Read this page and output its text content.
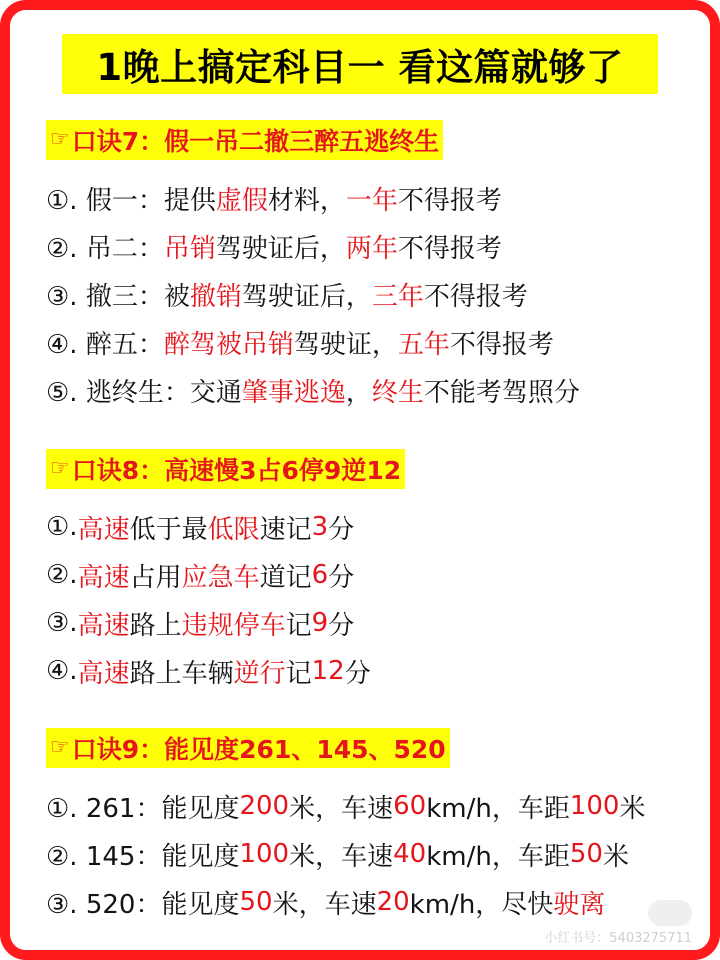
1晚上搞定科目一 看这篇就够了
☞ 口诀7：假一吊二撤三醉五逃终生
①. 假一：提供 虚假 材料， 一年 不得报考
②. 吊二： 吊销 驾驶证后， 两年 不得报考
③. 撤三：被 撤销 驾驶证后， 三年 不得报考
④. 醉五： 醉驾被吊销 驾驶证， 五年 不得报考
⑤. 逃终生：交通 肇事逃逸 ， 终生 不能考驾照分
☞ 口诀8：高速慢3占6停9逆12
①. 高速 低于最 低限 速记 3 分
②. 高速 占用 应急车 道记 6 分
③. 高速 路上 违规停车 记 9 分
④. 高速 路上车辆 逆行 记 12 分
☞ 口诀9：能见度261、145、520
①. 261：能见度 200 米，车速 60 km/h，车距 100 米
②. 145：能见度 100 米，车速 40 km/h，车距 50 米
③. 520：能见度 50 米，车速 20 km/h，尽快 驶离
小红书号：5403275711
